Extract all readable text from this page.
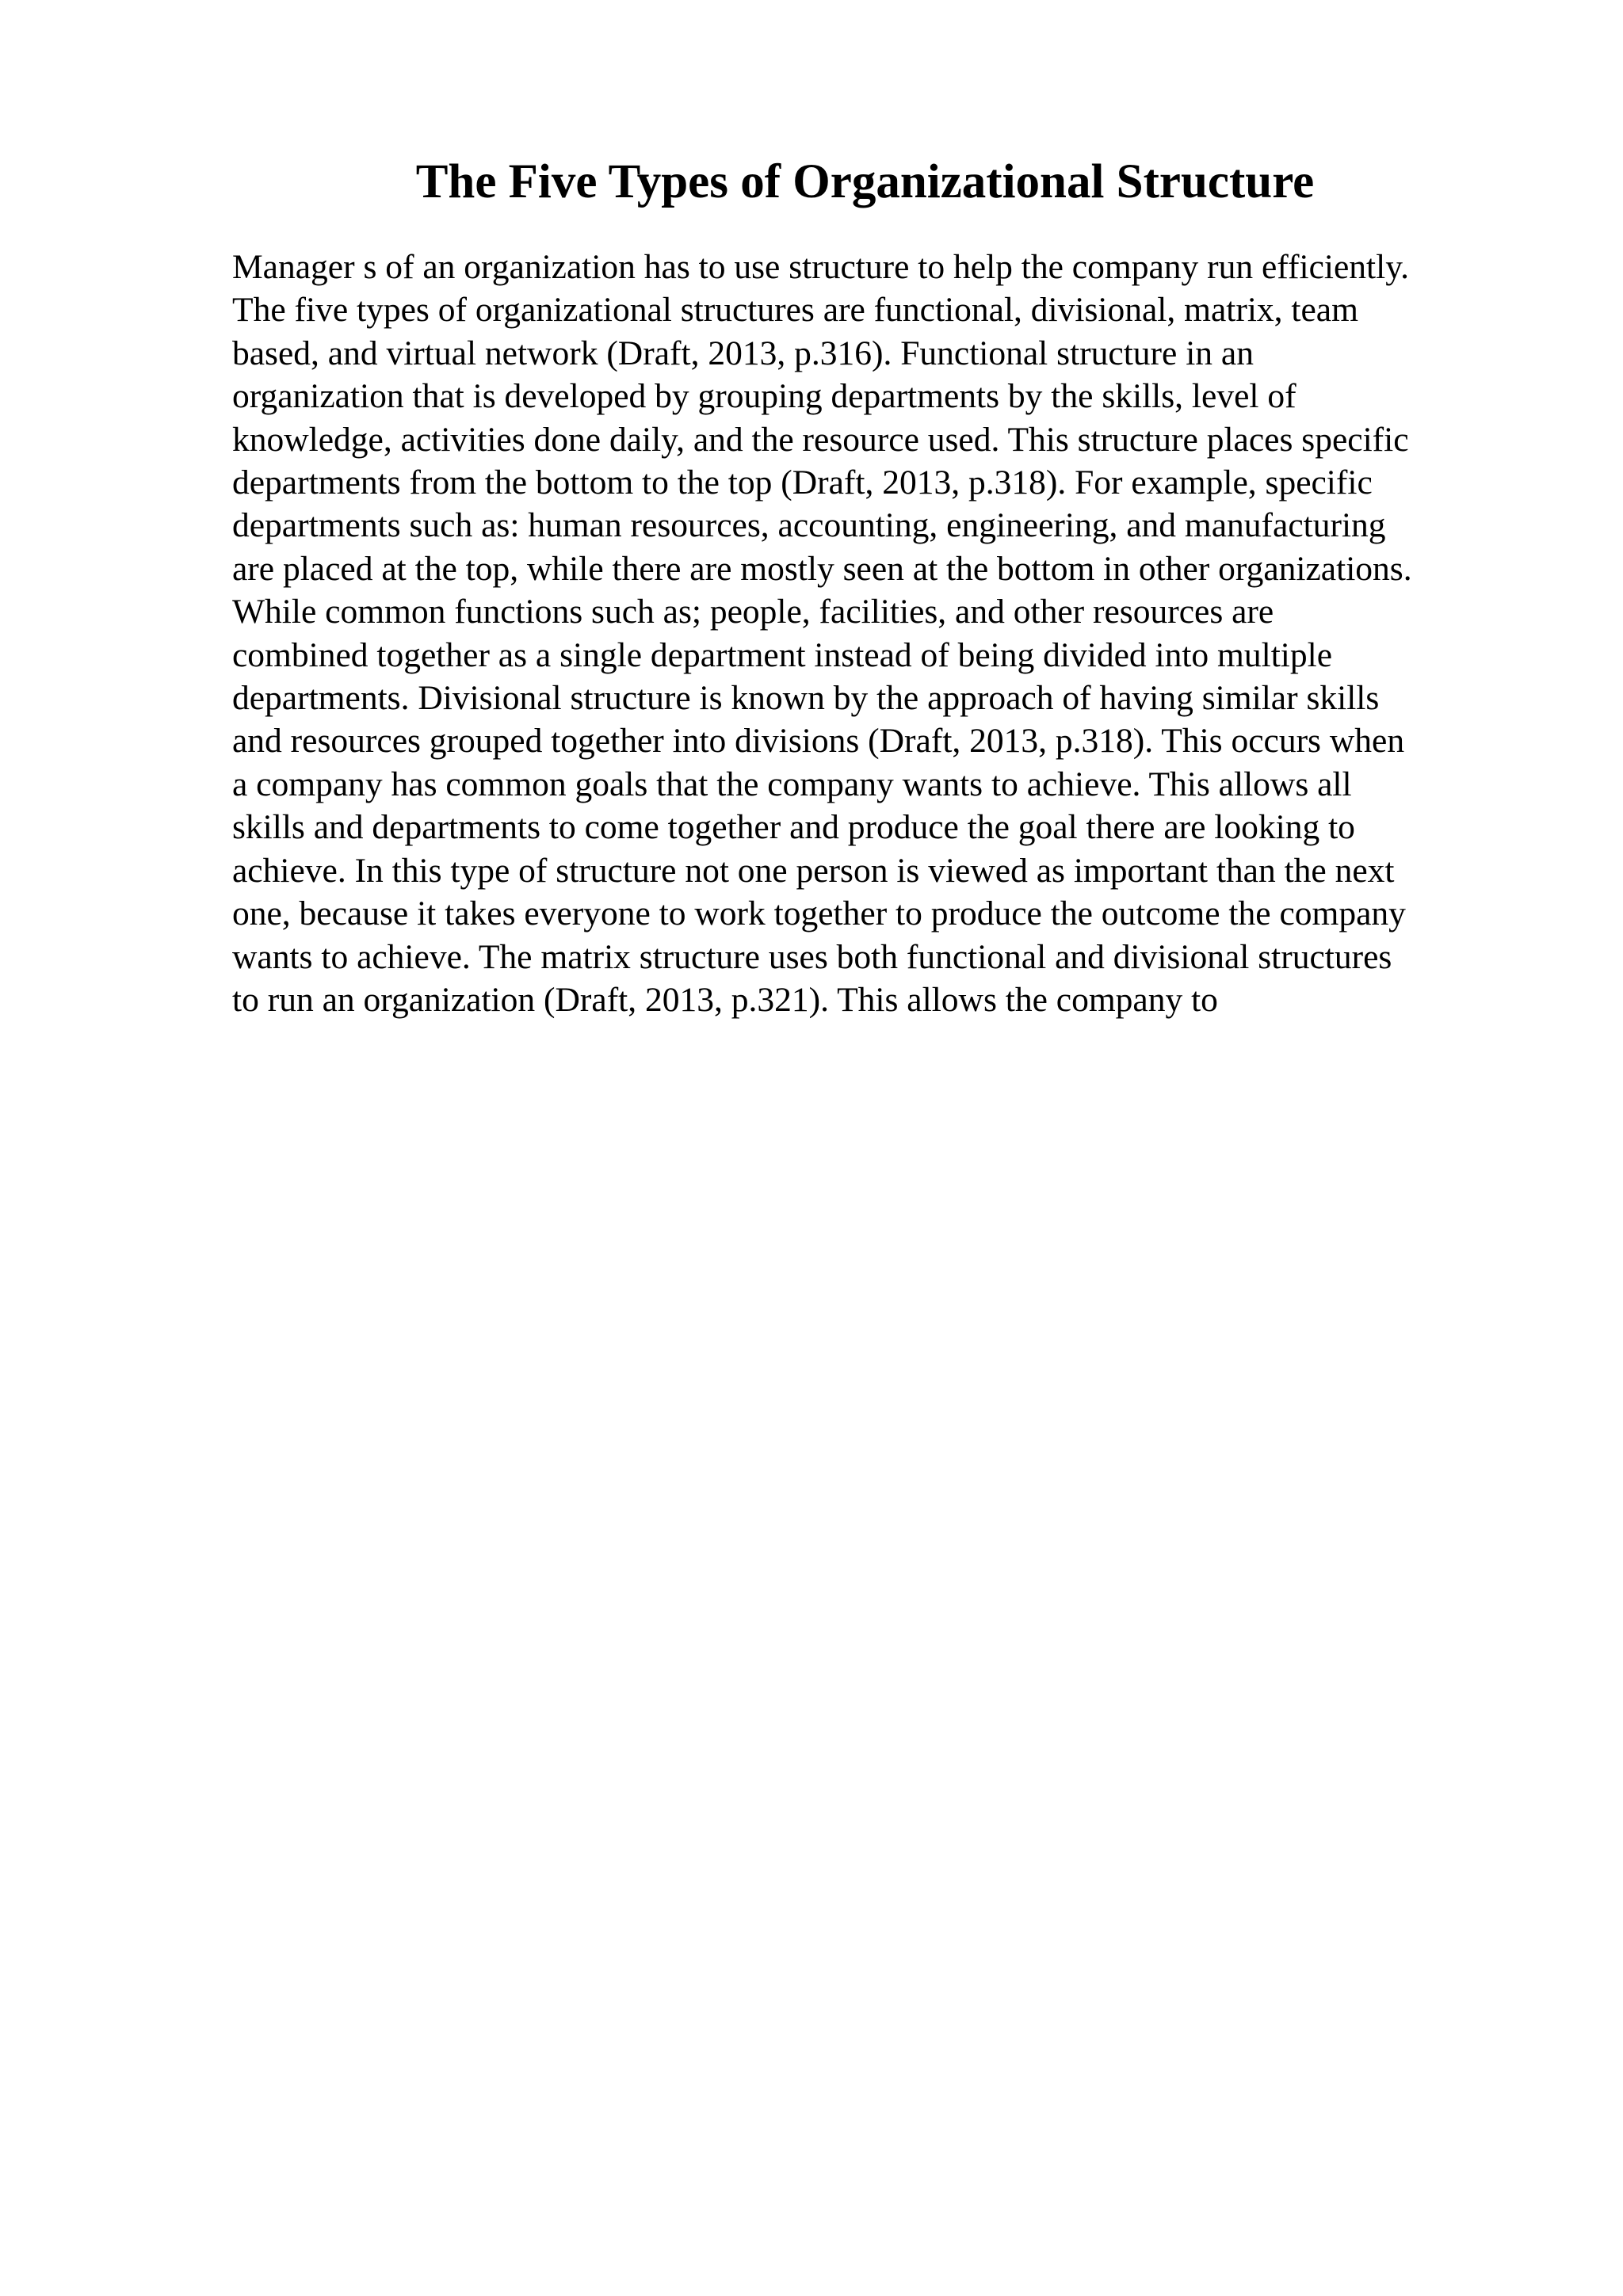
The Five Types of Organizational Structure
Manager s of an organization has to use structure to help the company run efficiently.
The five types of organizational structures are functional, divisional, matrix, team
based, and virtual network (Draft, 2013, p.316). Functional structure in an
organization that is developed by grouping departments by the skills, level of
knowledge, activities done daily, and the resource used. This structure places specific
departments from the bottom to the top (Draft, 2013, p.318). For example, specific
departments such as: human resources, accounting, engineering, and manufacturing
are placed at the top, while there are mostly seen at the bottom in other organizations.
While common functions such as; people, facilities, and other resources are
combined together as a single department instead of being divided into multiple
departments. Divisional structure is known by the approach of having similar skills
and resources grouped together into divisions (Draft, 2013, p.318). This occurs when
a company has common goals that the company wants to achieve. This allows all
skills and departments to come together and produce the goal there are looking to
achieve. In this type of structure not one person is viewed as important than the next
one, because it takes everyone to work together to produce the outcome the company
wants to achieve. The matrix structure uses both functional and divisional structures
to run an organization (Draft, 2013, p.321). This allows the company to
